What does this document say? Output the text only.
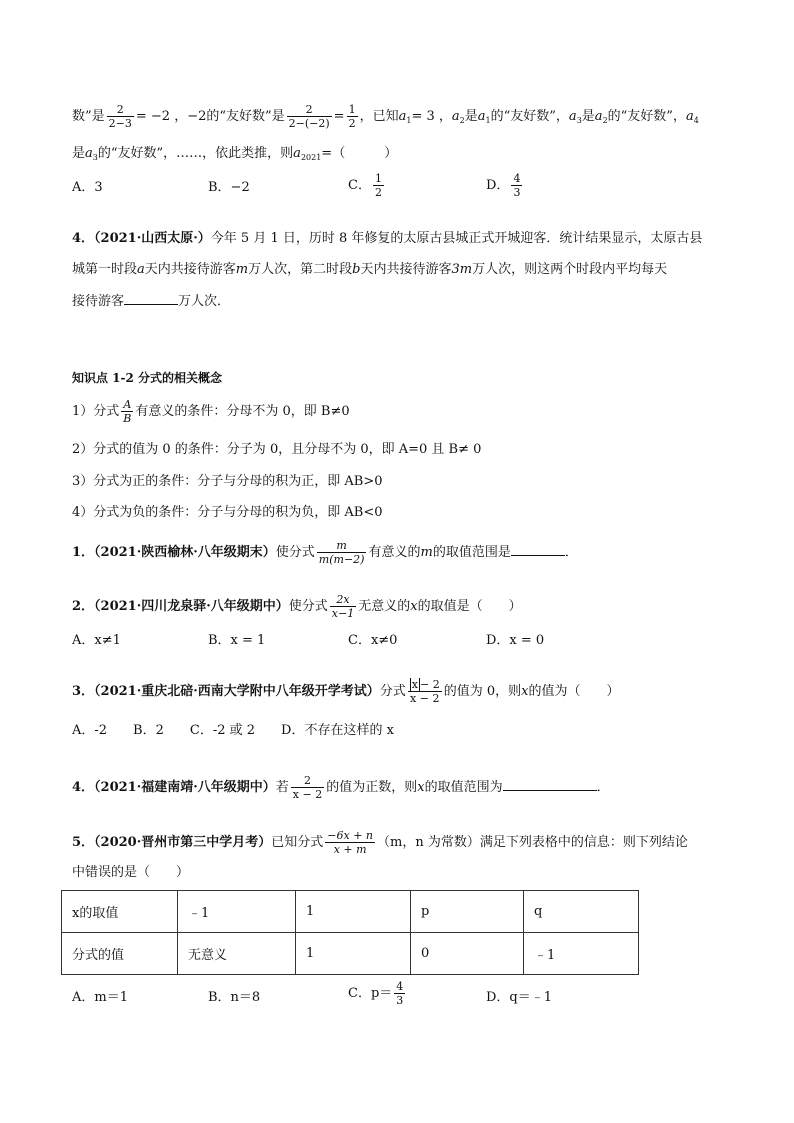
数”是 $\frac{2}{2-3} = -2$ ，−2的“友好数”是 $\frac{2}{2-(-2)} = \frac{1}{2}$ ，已知$a_1= 3$ ，$a_2$是$a_1$的“友好数”，$a_3$是$a_2$的“友好数”，$a_4$
是$a_3$的“友好数”，……，依此类推，则$a_{2021}=$（　　　）
A．3	B．−2	C． $\frac{1}{2}$	D． $\frac{4}{3}$
4．（2021·山西太原·）今年 5 月 1 日，历时 8 年修复的太原古县城正式开城迎客．统计结果显示，太原古县
城第一时段a天内共接待游客m万人次，第二时段b天内共接待游客3m万人次，则这两个时段内平均每天
接待游客	万人次．
知识点 1-2 分式的相关概念
1）分式 $\frac{A}{B}$ 有意义的条件：分母不为 0，即 B≠0
2）分式的值为 0 的条件：分子为 0，且分母不为 0，即 A=0 且 B≠ 0
3）分式为正的条件：分子与分母的积为正，即 AB>0
4）分式为负的条件：分子与分母的积为负，即 AB<0
1．（2021·陕西榆林·八年级期末）使分式 $\frac{m}{m(m-2)}$ 有意义的m的取值范围是	．
2．（2021·四川龙泉驿·八年级期中）使分式 $\frac{2x}{x-1}$ 无意义的x的取值是（　　）
A．x≠1	B．x = 1	C．x≠0	D．x = 0
3．（2021·重庆北碚·西南大学附中八年级开学考试）分式 $\frac{x - 2}{x - 2}$ 的值为 0，则x的值为（　　）
A．-2　　B．2　　C．-2 或 2　　D．不存在这样的 x
4．（2021·福建南靖·八年级期中）若 $\frac{2}{x - 2}$ 的值为正数，则x的取值范围为	．
5．（2020·晋州市第三中学月考）已知分式 $\frac{-6x + n}{x + m} (m$，n 为常数）满足下列表格中的信息：则下列结论
中错误的是（　　）
x的取值	﹣1	1	p	q
分式的值	无意义	1	0	﹣1
A．m＝1	B．n＝8	C．$p= \frac{4}{3}$	D．q＝﹣1
